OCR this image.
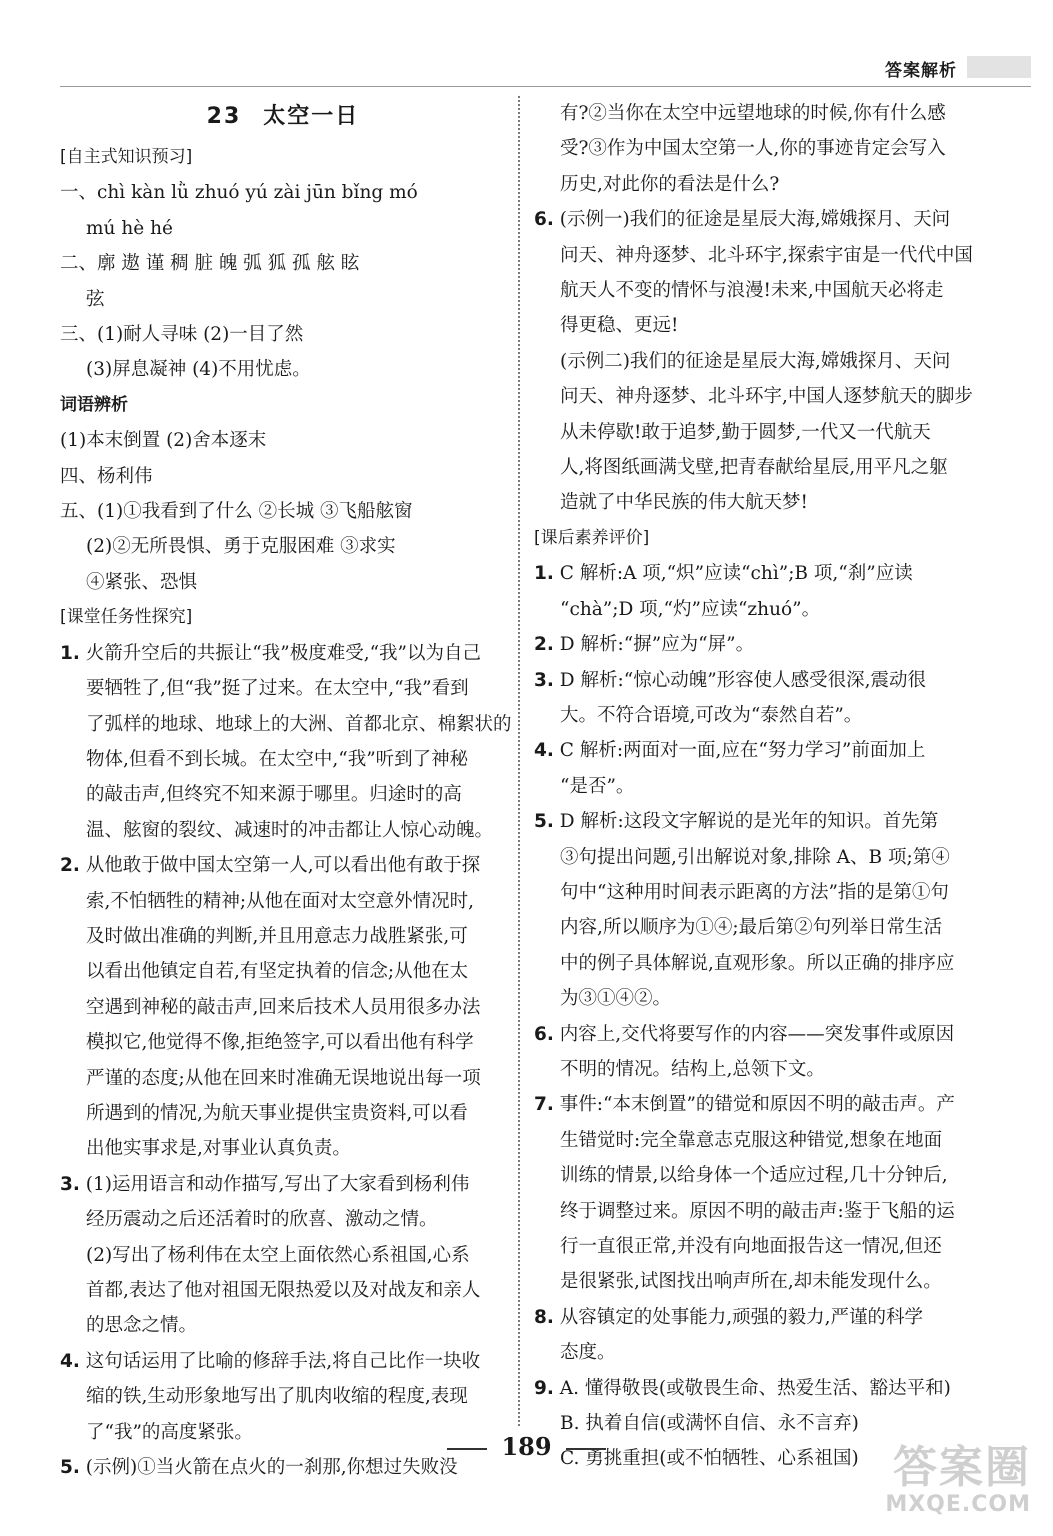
答案解析
23 太空一日
[自主式知识预习]
一、chì kàn lǜ zhuó yú zài jūn bǐng mó
mú hè hé
二、廓 遨 谨 稠 脏 魄 弧 狐 孤 舷 眩
弦
三、(1)耐人寻味 (2)一目了然
(3)屏息凝神 (4)不用忧虑。
词语辨析
(1)本末倒置 (2)舍本逐末
四、杨利伟
五、(1)①我看到了什么 ②长城 ③飞船舷窗
(2)②无所畏惧、勇于克服困难 ③求实
④紧张、恐惧
[课堂任务性探究]
1. 火箭升空后的共振让“我”极度难受,“我”以为自己
要牺牲了,但“我”挺了过来。在太空中,“我”看到
了弧样的地球、地球上的大洲、首都北京、棉絮状的
物体,但看不到长城。在太空中,“我”听到了神秘
的敲击声,但终究不知来源于哪里。归途时的高
温、舷窗的裂纹、减速时的冲击都让人惊心动魄。
2. 从他敢于做中国太空第一人,可以看出他有敢于探
索,不怕牺牲的精神;从他在面对太空意外情况时,
及时做出准确的判断,并且用意志力战胜紧张,可
以看出他镇定自若,有坚定执着的信念;从他在太
空遇到神秘的敲击声,回来后技术人员用很多办法
模拟它,他觉得不像,拒绝签字,可以看出他有科学
严谨的态度;从他在回来时准确无误地说出每一项
所遇到的情况,为航天事业提供宝贵资料,可以看
出他实事求是,对事业认真负责。
3. (1)运用语言和动作描写,写出了大家看到杨利伟
经历震动之后还活着时的欣喜、激动之情。
(2)写出了杨利伟在太空上面依然心系祖国,心系
首都,表达了他对祖国无限热爱以及对战友和亲人
的思念之情。
4. 这句话运用了比喻的修辞手法,将自己比作一块收
缩的铁,生动形象地写出了肌肉收缩的程度,表现
了“我”的高度紧张。
5. (示例)①当火箭在点火的一刹那,你想过失败没
有?②当你在太空中远望地球的时候,你有什么感
受?③作为中国太空第一人,你的事迹肯定会写入
历史,对此你的看法是什么?
6. (示例一)我们的征途是星辰大海,嫦娥探月、天问
问天、神舟逐梦、北斗环宇,探索宇宙是一代代中国
航天人不变的情怀与浪漫!未来,中国航天必将走
得更稳、更远!
(示例二)我们的征途是星辰大海,嫦娥探月、天问
问天、神舟逐梦、北斗环宇,中国人逐梦航天的脚步
从未停歇!敢于追梦,勤于圆梦,一代又一代航天
人,将图纸画满戈壁,把青春献给星辰,用平凡之躯
造就了中华民族的伟大航天梦!
[课后素养评价]
1. C 解析:A 项,“炽”应读“chì”;B 项,“刹”应读
“chà”;D 项,“灼”应读“zhuó”。
2. D 解析:“摒”应为“屏”。
3. D 解析:“惊心动魄”形容使人感受很深,震动很
大。不符合语境,可改为“泰然自若”。
4. C 解析:两面对一面,应在“努力学习”前面加上
“是否”。
5. D 解析:这段文字解说的是光年的知识。首先第
③句提出问题,引出解说对象,排除 A、B 项;第④
句中“这种用时间表示距离的方法”指的是第①句
内容,所以顺序为①④;最后第②句列举日常生活
中的例子具体解说,直观形象。所以正确的排序应
为③①④②。
6. 内容上,交代将要写作的内容——突发事件或原因
不明的情况。结构上,总领下文。
7. 事件:“本末倒置”的错觉和原因不明的敲击声。产
生错觉时:完全靠意志克服这种错觉,想象在地面
训练的情景,以给身体一个适应过程,几十分钟后,
终于调整过来。原因不明的敲击声:鉴于飞船的运
行一直很正常,并没有向地面报告这一情况,但还
是很紧张,试图找出响声所在,却未能发现什么。
8. 从容镇定的处事能力,顽强的毅力,严谨的科学
态度。
9. A. 懂得敬畏(或敬畏生命、热爱生活、豁达平和)
B. 执着自信(或满怀自信、永不言弃)
C. 勇挑重担(或不怕牺牲、心系祖国)
189	答案圈
MXQE.COM
